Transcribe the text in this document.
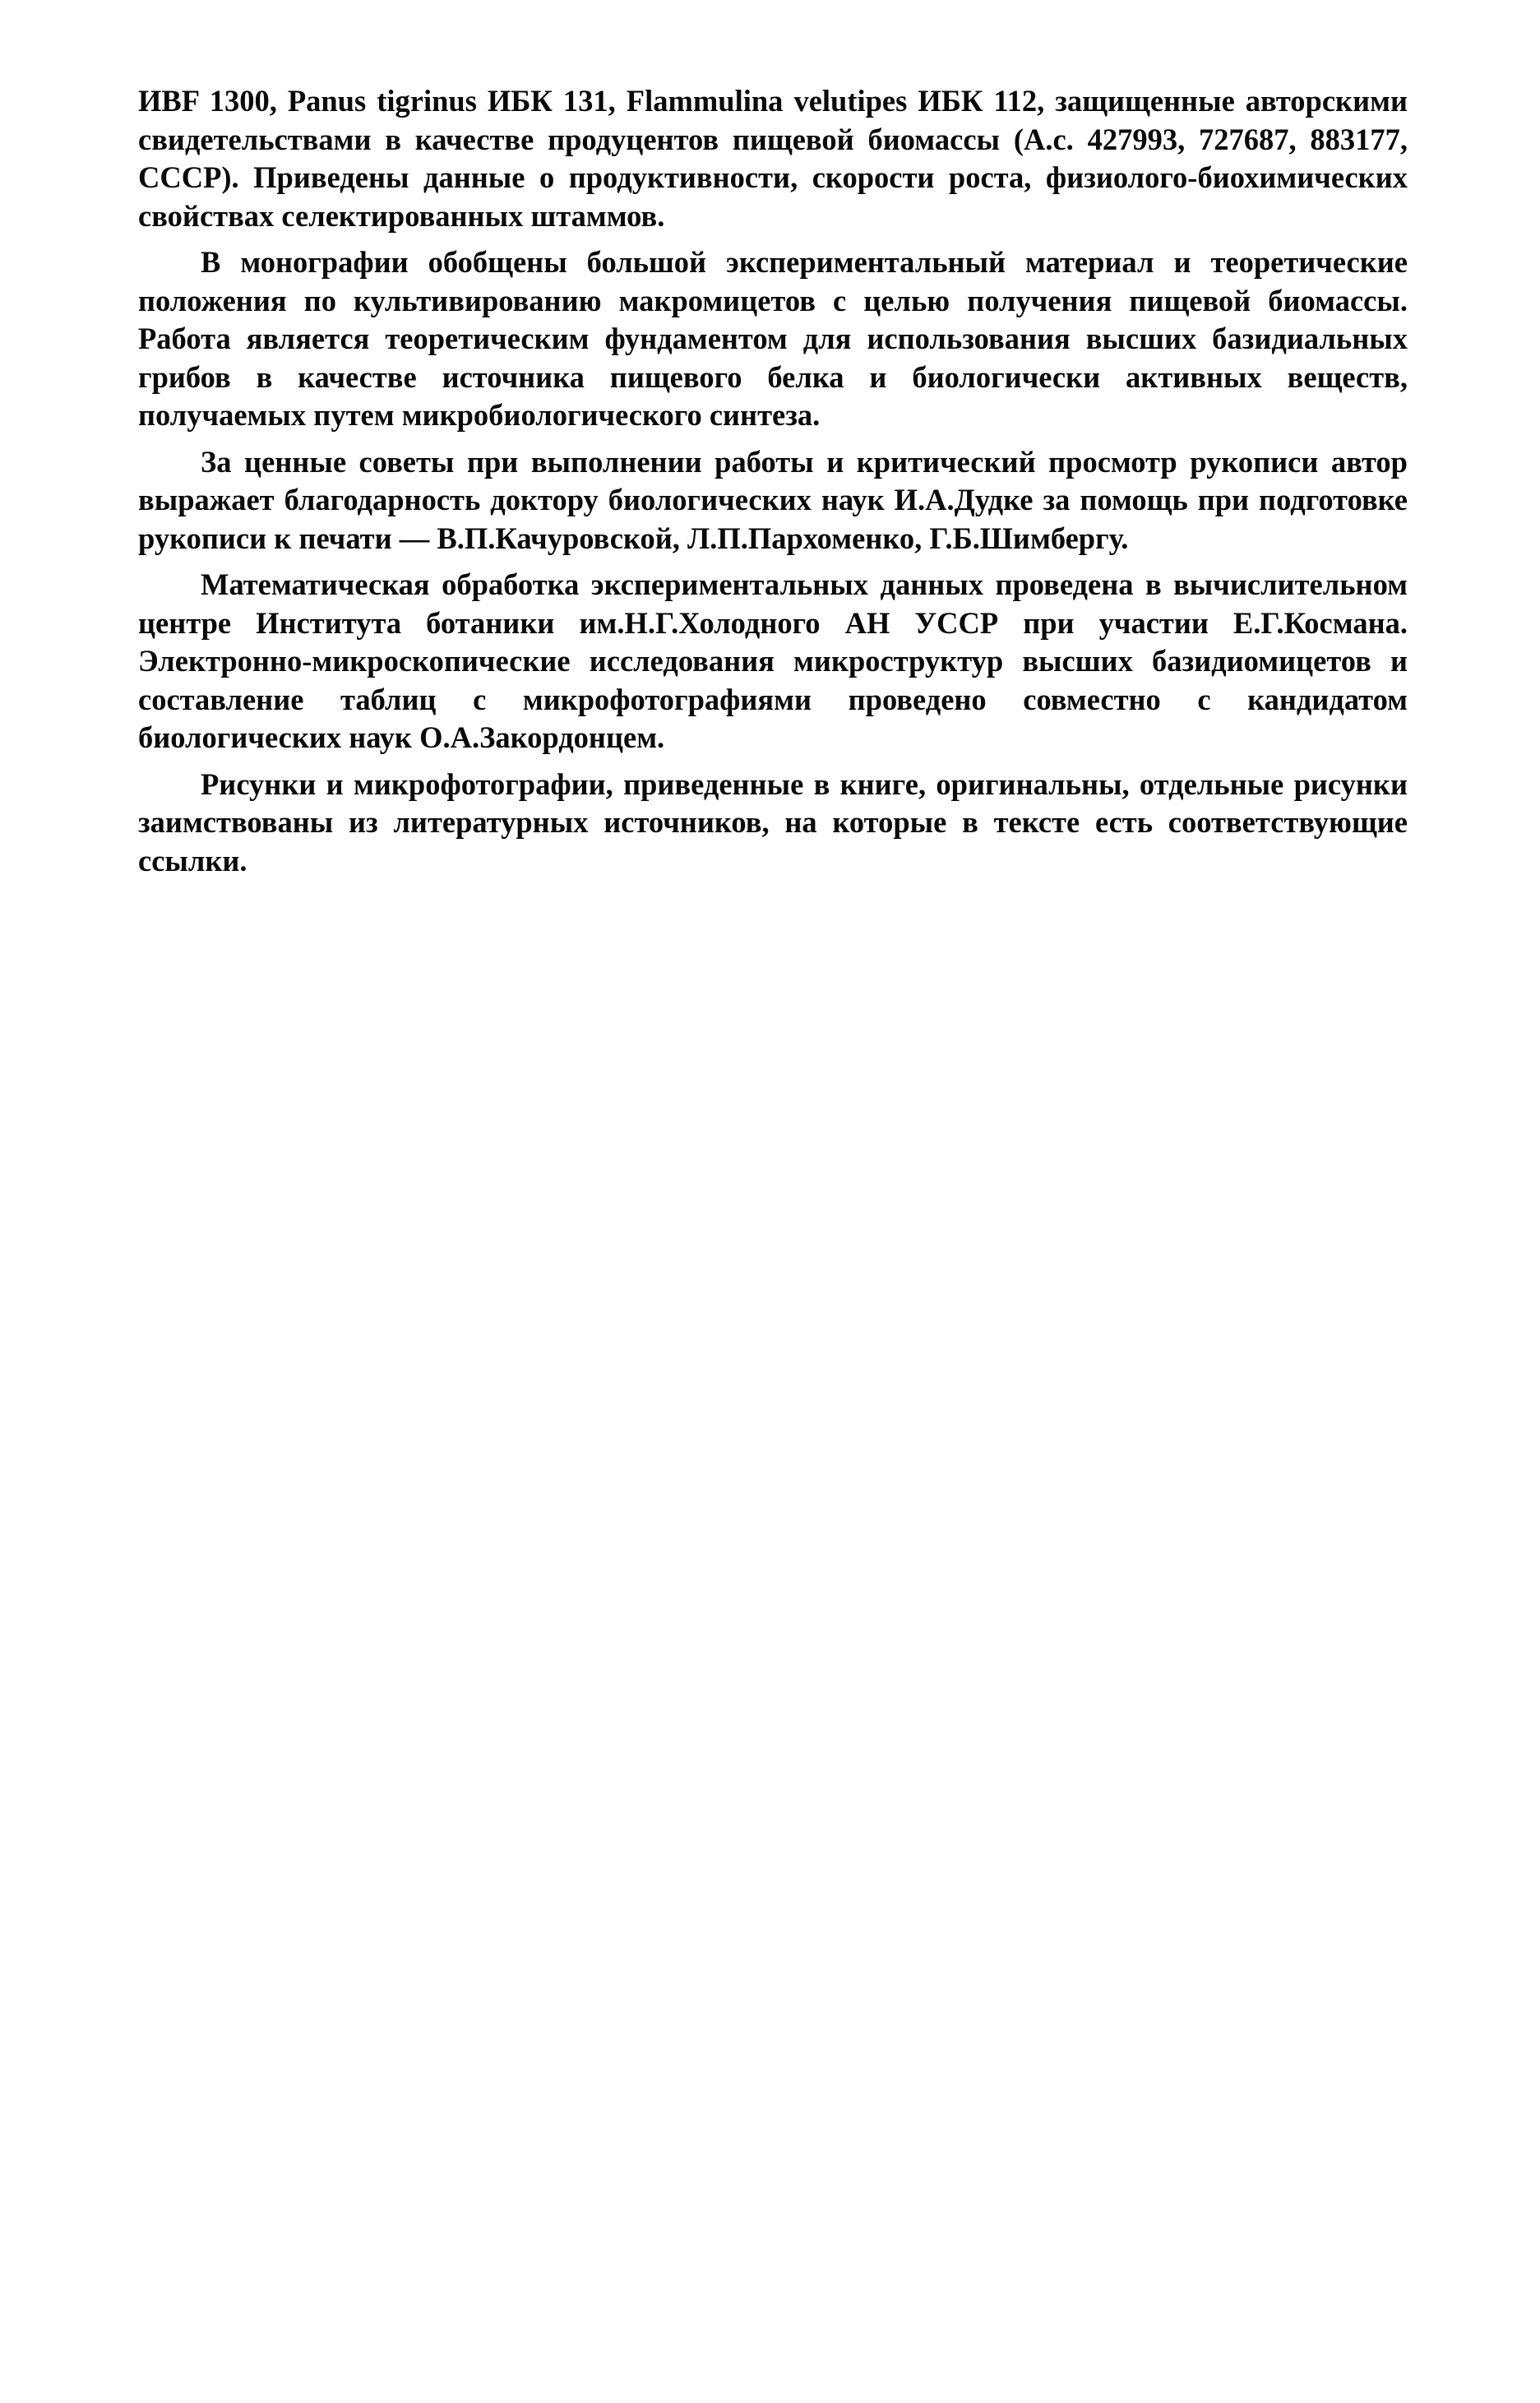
ИBF 1300, Panus tigrinus ИБК 131, Flammulina velutipes ИБК 112, защищенные авторскими свидетельствами в качестве продуцентов пищевой биомассы (А.с. 427993, 727687, 883177, СССР). Приведены данные о продуктивности, скорости роста, физиолого-биохимических свойствах селектированных штаммов.

В монографии обобщены большой экспериментальный материал и теоретические положения по культивированию макромицетов с целью получения пищевой биомассы. Работа является теоретическим фундаментом для использования высших базидиальных грибов в качестве источника пищевого белка и биологически активных веществ, получаемых путем микробиологического синтеза.

За ценные советы при выполнении работы и критический просмотр рукописи автор выражает благодарность доктору биологических наук И.А.Дудке за помощь при подготовке рукописи к печати — В.П.Качуровской, Л.П.Пархоменко, Г.Б.Шимбергу.

Математическая обработка экспериментальных данных проведена в вычислительном центре Института ботаники им.Н.Г.Холодного АН УССР при участии Е.Г.Космана. Электронно-микроскопические исследования микроструктур высших базидиомицетов и составление таблиц с микрофотографиями проведено совместно с кандидатом биологических наук О.А.Закордонцем.

Рисунки и микрофотографии, приведенные в книге, оригинальны, отдельные рисунки заимствованы из литературных источников, на которые в тексте есть соответствующие ссылки.
